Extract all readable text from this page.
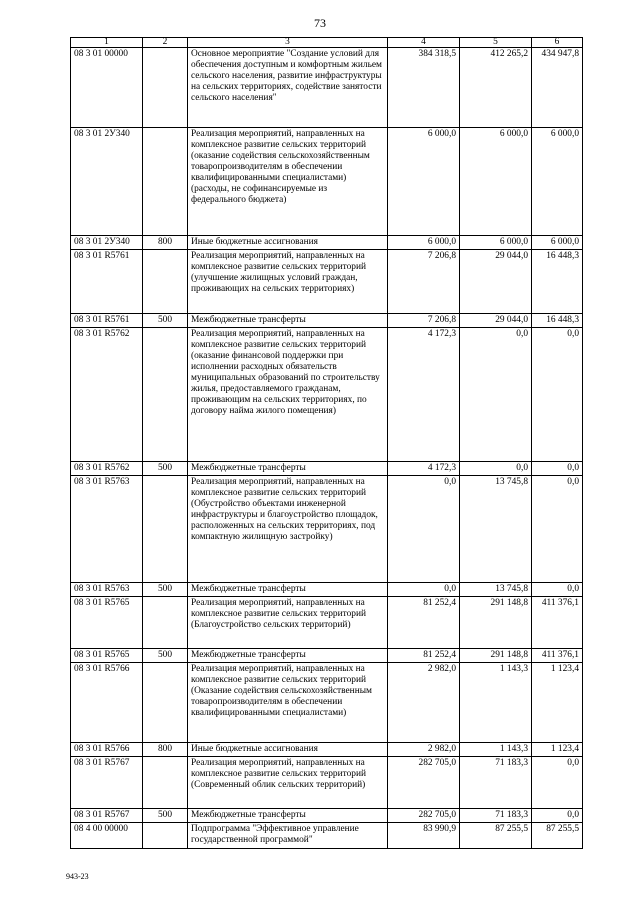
73
1	2	3	4	5	6
08 3 01 00000		Основное мероприятие "Создание условий для обеспечения доступным и комфортным жильем сельского населения, развитие инфраструктуры на сельских территориях, содействие занятости сельского населения"	384 318,5	412 265,2	434 947,8
08 3 01 2У340		Реализация мероприятий, направленных на комплексное развитие сельских территорий (оказание содействия сельскохозяйственным товаропроизводителям в обеспечении квалифицированными специалистами) (расходы, не софинансируемые из федерального бюджета)	6 000,0	6 000,0	6 000,0
08 3 01 2У340	800	Иные бюджетные ассигнования	6 000,0	6 000,0	6 000,0
08 3 01 R5761		Реализация мероприятий, направленных на комплексное развитие сельских территорий (улучшение жилищных условий граждан, проживающих на сельских территориях)	7 206,8	29 044,0	16 448,3
08 3 01 R5761	500	Межбюджетные трансферты	7 206,8	29 044,0	16 448,3
08 3 01 R5762		Реализация мероприятий, направленных на комплексное развитие сельских территорий (оказание финансовой поддержки при исполнении расходных обязательств муниципальных образований по строительству жилья, предоставляемого гражданам, проживающим на сельских территориях, по договору найма жилого помещения)	4 172,3	0,0	0,0
08 3 01 R5762	500	Межбюджетные трансферты	4 172,3	0,0	0,0
08 3 01 R5763		Реализация мероприятий, направленных на комплексное развитие сельских территорий (Обустройство объектами инженерной инфраструктуры и благоустройство площадок, расположенных на сельских территориях, под компактную жилищную застройку)	0,0	13 745,8	0,0
08 3 01 R5763	500	Межбюджетные трансферты	0,0	13 745,8	0,0
08 3 01 R5765		Реализация мероприятий, направленных на комплексное развитие сельских территорий (Благоустройство сельских территорий)	81 252,4	291 148,8	411 376,1
08 3 01 R5765	500	Межбюджетные трансферты	81 252,4	291 148,8	411 376,1
08 3 01 R5766		Реализация мероприятий, направленных на комплексное развитие сельских территорий (Оказание содействия сельскохозяйственным товаропроизводителям в обеспечении квалифицированными специалистами)	2 982,0	1 143,3	1 123,4
08 3 01 R5766	800	Иные бюджетные ассигнования	2 982,0	1 143,3	1 123,4
08 3 01 R5767		Реализация мероприятий, направленных на комплексное развитие сельских территорий (Современный облик сельских территорий)	282 705,0	71 183,3	0,0
08 3 01 R5767	500	Межбюджетные трансферты	282 705,0	71 183,3	0,0
08 4 00 00000		Подпрограмма "Эффективное управление государственной программой"	83 990,9	87 255,5	87 255,5
943-23
